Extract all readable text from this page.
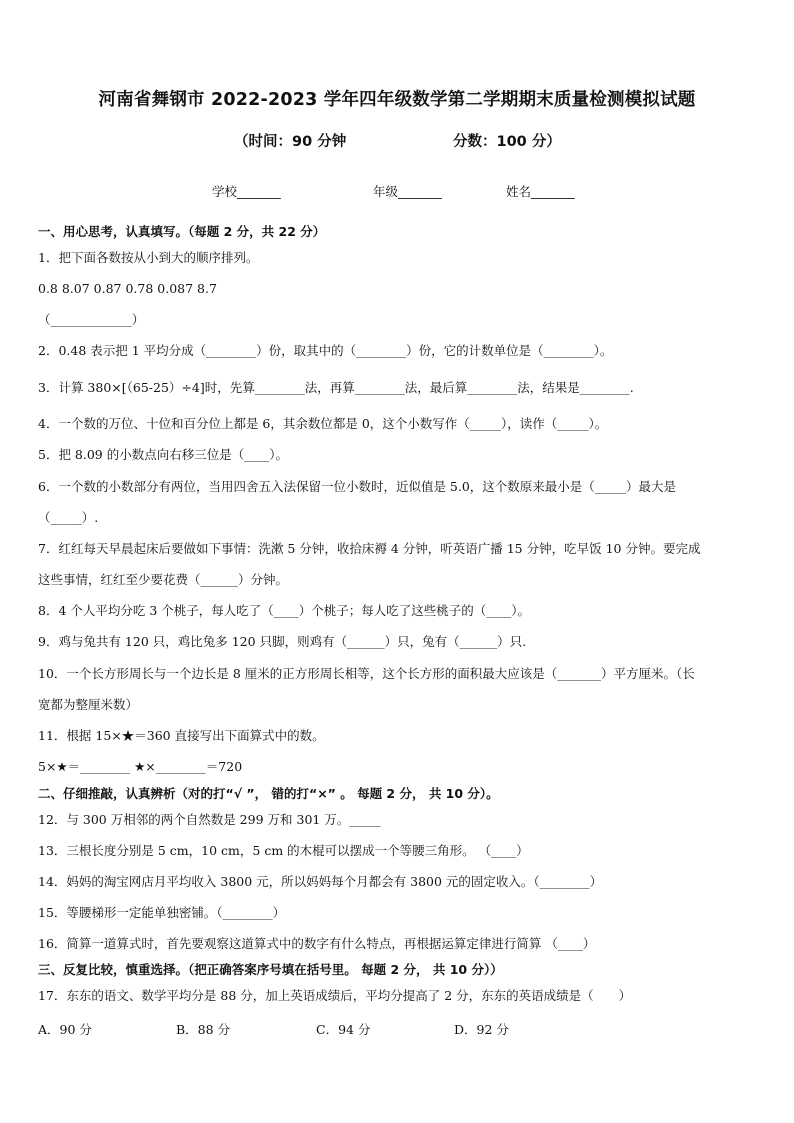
河南省舞钢市 2022-2023 学年四年级数学第二学期期末质量检测模拟试题
（时间：90 分钟	分数：100 分）
学校_______	年级_______	姓名_______
一、用心思考，认真填写。（每题 2 分，共 22 分）
1．把下面各数按从小到大的顺序排列。
0.8 8.07 0.87 0.78 0.087 8.7
（_____________）
2．0.48 表示把 1 平均分成（________）份，取其中的（________）份，它的计数单位是（________）。
3．计算 380×[（65-25）÷4]时，先算________法，再算________法，最后算________法，结果是________.
4．一个数的万位、十位和百分位上都是 6，其余数位都是 0，这个小数写作（_____），读作（_____）。
5．把 8.09 的小数点向右移三位是（____）。
6．一个数的小数部分有两位，当用四舍五入法保留一位小数时，近似值是 5.0，这个数原来最小是（_____）最大是
（_____）.
7．红红每天早晨起床后要做如下事情：洗漱 5 分钟，收拾床褥 4 分钟，听英语广播 15 分钟，吃早饭 10 分钟。要完成
这些事情，红红至少要花费（______）分钟。
8．4 个人平均分吃 3 个桃子，每人吃了（____）个桃子；每人吃了这些桃子的（____）。
9．鸡与兔共有 120 只，鸡比兔多 120 只脚，则鸡有（______）只，兔有（______）只.
10．一个长方形周长与一个边长是 8 厘米的正方形周长相等，这个长方形的面积最大应该是（_______）平方厘米。（长
宽都为整厘米数）
11．根据 15×★＝360 直接写出下面算式中的数。
5×★＝________ ★×________＝720
二、仔细推敲，认真辨析（对的打“√ ”， 错的打“×” 。 每题 2 分， 共 10 分）。
12．与 300 万相邻的两个自然数是 299 万和 301 万。_____
13．三根长度分别是 5 cm，10 cm，5 cm 的木棍可以摆成一个等腰三角形。 （____）
14．妈妈的淘宝网店月平均收入 3800 元，所以妈妈每个月都会有 3800 元的固定收入。（________）
15．等腰梯形一定能单独密铺。（________）
16．简算一道算式时，首先要观察这道算式中的数字有什么特点，再根据运算定律进行简算 （____）
三、反复比较，慎重选择。（把正确答案序号填在括号里。 每题 2 分， 共 10 分））
17．东东的语文、数学平均分是 88 分，加上英语成绩后，平均分提高了 2 分，东东的英语成绩是（　　）
A．90 分	B．88 分	C．94 分	D．92 分
